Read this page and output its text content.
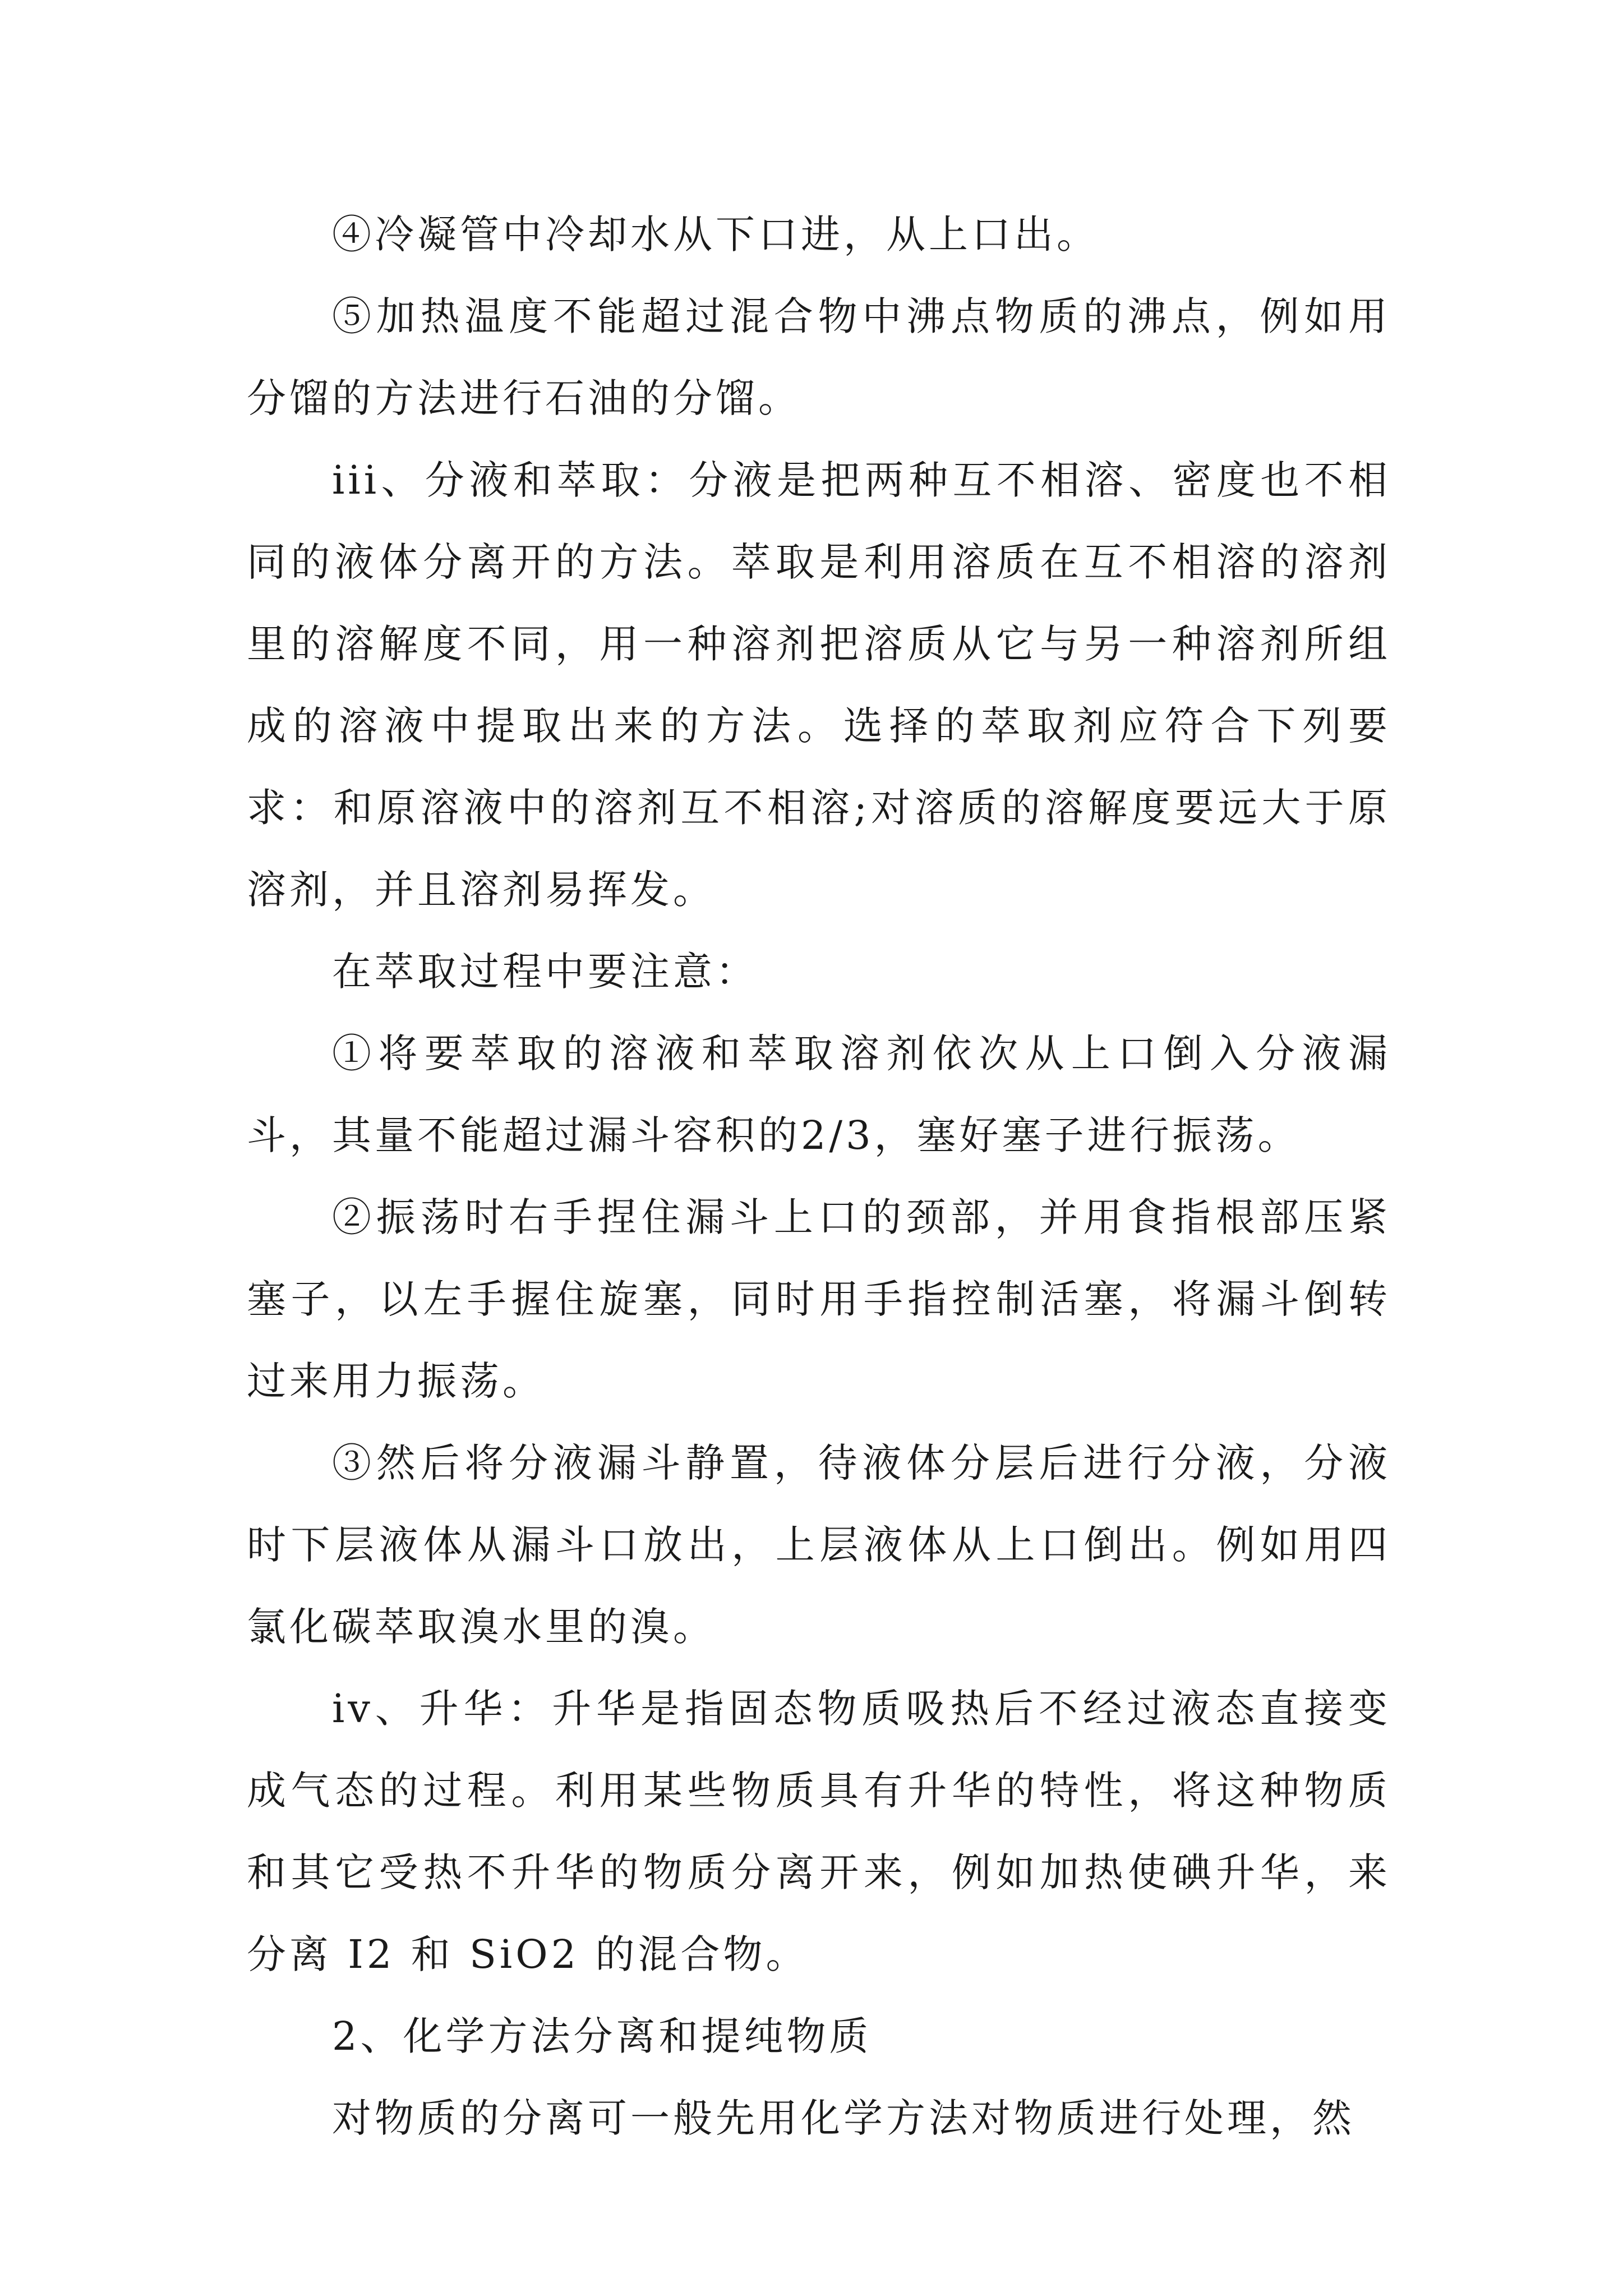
④冷凝管中冷却水从下口进，从上口出。

⑤加热温度不能超过混合物中沸点物质的沸点，例如用分馏的方法进行石油的分馏。

iii、分液和萃取：分液是把两种互不相溶、密度也不相同的液体分离开的方法。萃取是利用溶质在互不相溶的溶剂里的溶解度不同，用一种溶剂把溶质从它与另一种溶剂所组成的溶液中提取出来的方法。选择的萃取剂应符合下列要求：和原溶液中的溶剂互不相溶;对溶质的溶解度要远大于原溶剂，并且溶剂易挥发。

在萃取过程中要注意：

①将要萃取的溶液和萃取溶剂依次从上口倒入分液漏斗，其量不能超过漏斗容积的2/3，塞好塞子进行振荡。

②振荡时右手捏住漏斗上口的颈部，并用食指根部压紧塞子，以左手握住旋塞，同时用手指控制活塞，将漏斗倒转过来用力振荡。

③然后将分液漏斗静置，待液体分层后进行分液，分液时下层液体从漏斗口放出，上层液体从上口倒出。例如用四氯化碳萃取溴水里的溴。

iv、升华：升华是指固态物质吸热后不经过液态直接变成气态的过程。利用某些物质具有升华的特性，将这种物质和其它受热不升华的物质分离开来，例如加热使碘升华，来分离 I2 和 SiO2 的混合物。

2、化学方法分离和提纯物质

对物质的分离可一般先用化学方法对物质进行处理，然
